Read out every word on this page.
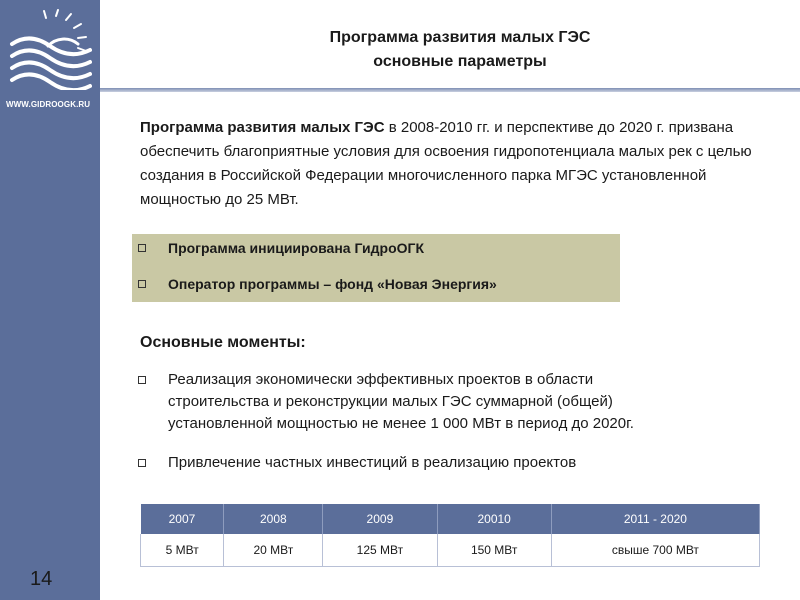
WWW.GIDROOGK.RU
14
Программа развития малых ГЭС
основные параметры
Программа развития малых ГЭС в 2008-2010 гг. и перспективе до 2020 г. призвана обеспечить благоприятные условия для освоения гидропотенциала малых рек с целью создания в Российской Федерации многочисленного парка МГЭС установленной мощностью до 25 МВт.
Программа инициирована ГидроОГК
Оператор программы – фонд «Новая Энергия»
Основные моменты:
Реализация экономически эффективных проектов в области строительства и реконструкции малых ГЭС суммарной (общей) установленной мощностью не менее 1 000 МВт в период до 2020г.
Привлечение частных инвестиций в реализацию проектов
2007	2008	2009	20010	2011 - 2020
5 МВт	20 МВт	125 МВт	150 МВт	свыше 700 МВт
